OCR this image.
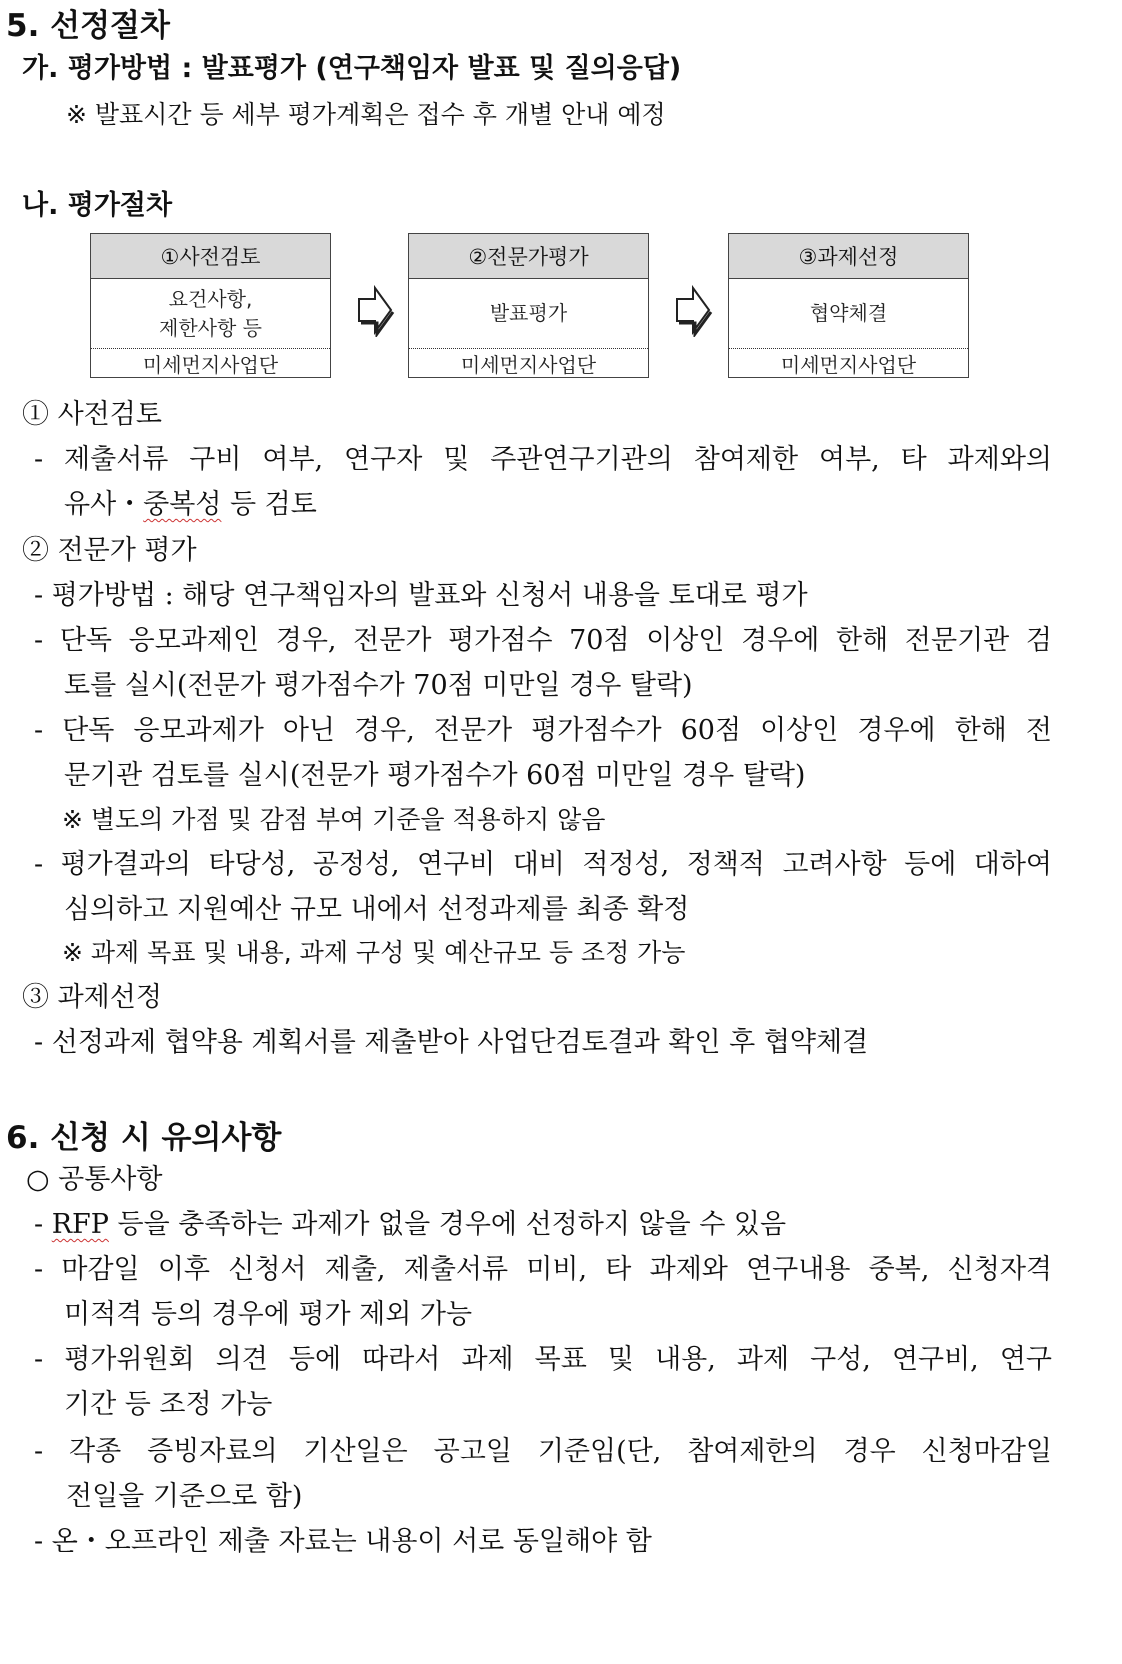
5. 선정절차
가. 평가방법 : 발표평가 (연구책임자 발표 및 질의응답)
※ 발표시간 등 세부 평가계획은 접수 후 개별 안내 예정
나. 평가절차
①사전검토
요건사항,
제한사항 등
미세먼지사업단
②전문가평가
발표평가
미세먼지사업단
③과제선정
협약체결
미세먼지사업단
① 사전검토
- 제출서류 구비 여부, 연구자 및 주관연구기관의 참여제한 여부, 타 과제와의
유사・중복성 등 검토
② 전문가 평가
- 평가방법 : 해당 연구책임자의 발표와 신청서 내용을 토대로 평가
- 단독 응모과제인 경우, 전문가 평가점수 70점 이상인 경우에 한해 전문기관 검
토를 실시(전문가 평가점수가 70점 미만일 경우 탈락)
- 단독 응모과제가 아닌 경우, 전문가 평가점수가 60점 이상인 경우에 한해 전
문기관 검토를 실시(전문가 평가점수가 60점 미만일 경우 탈락)
※ 별도의 가점 및 감점 부여 기준을 적용하지 않음
- 평가결과의 타당성, 공정성, 연구비 대비 적정성, 정책적 고려사항 등에 대하여
심의하고 지원예산 규모 내에서 선정과제를 최종 확정
※ 과제 목표 및 내용, 과제 구성 및 예산규모 등 조정 가능
③ 과제선정
- 선정과제 협약용 계획서를 제출받아 사업단검토결과 확인 후 협약체결
6. 신청 시 유의사항
○ 공통사항
- RFP 등을 충족하는 과제가 없을 경우에 선정하지 않을 수 있음
- 마감일 이후 신청서 제출, 제출서류 미비, 타 과제와 연구내용 중복, 신청자격
미적격 등의 경우에 평가 제외 가능
- 평가위원회 의견 등에 따라서 과제 목표 및 내용, 과제 구성, 연구비, 연구
기간 등 조정 가능
- 각종 증빙자료의 기산일은 공고일 기준임(단, 참여제한의 경우 신청마감일
전일을 기준으로 함)
- 온・오프라인 제출 자료는 내용이 서로 동일해야 함
